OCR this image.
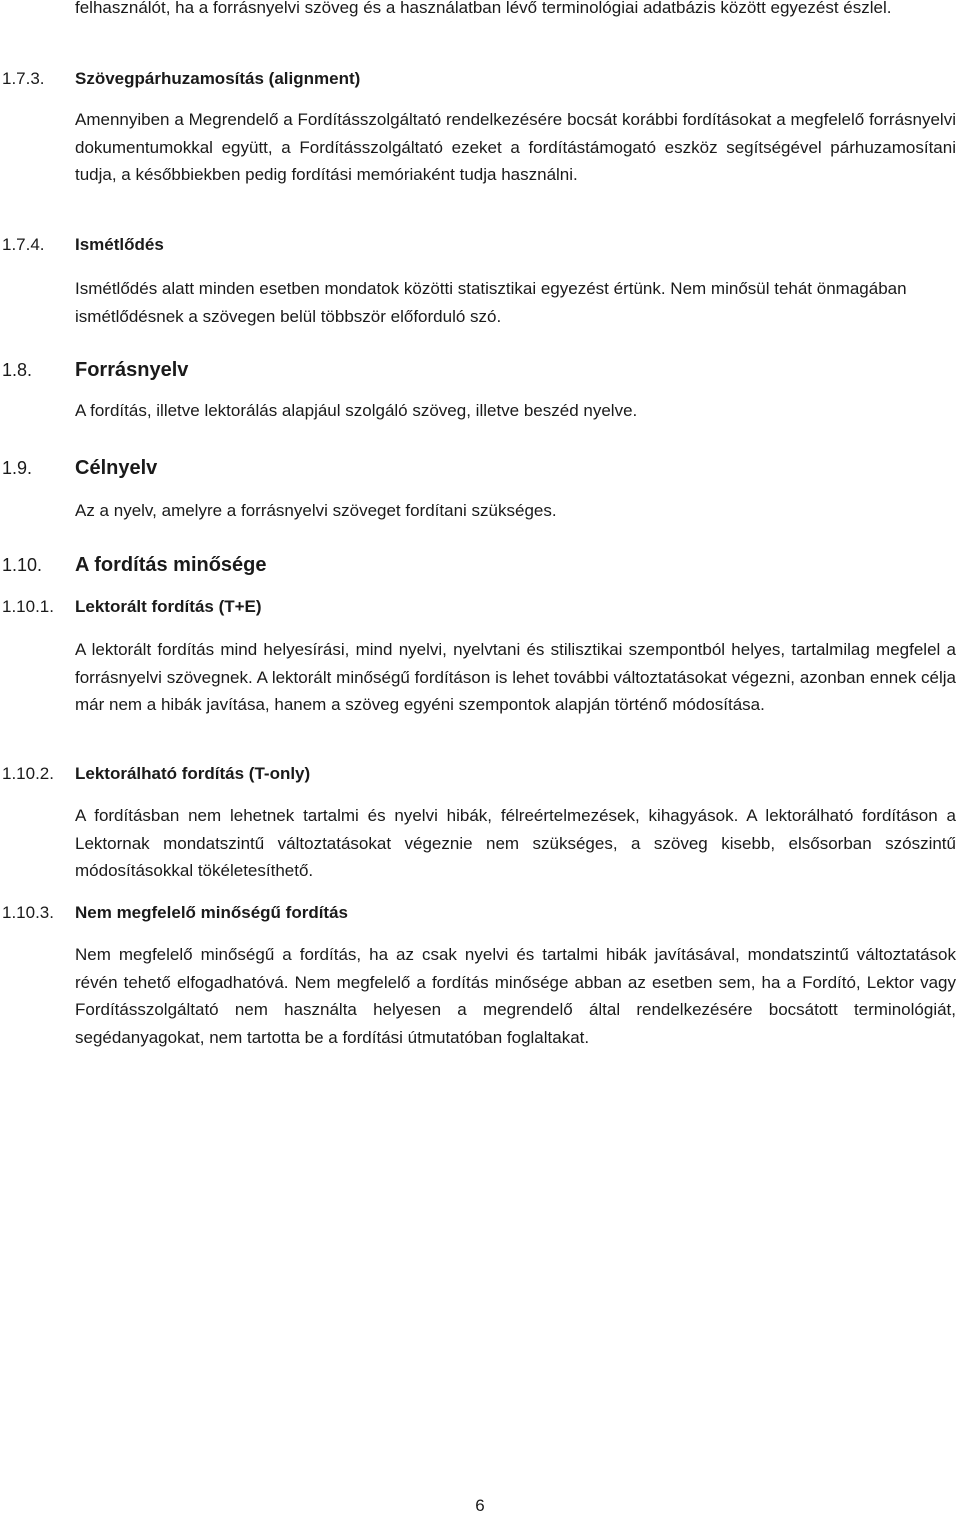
felhasználót, ha a forrásnyelvi szöveg és a használatban lévő terminológiai adatbázis között egyezést észlel.

1.7.3. Szövegpárhuzamosítás (alignment)

Amennyiben a Megrendelő a Fordításszolgáltató rendelkezésére bocsát korábbi fordításokat a megfelelő forrásnyelvi dokumentumokkal együtt, a Fordításszolgáltató ezeket a fordítástámogató eszköz segítségével párhuzamosítani tudja, a későbbiekben pedig fordítási memóriaként tudja használni.

1.7.4. Ismétlődés

Ismétlődés alatt minden esetben mondatok közötti statisztikai egyezést értünk. Nem minősül tehát önmagában ismétlődésnek a szövegen belül többször előforduló szó.

1.8. Forrásnyelv

A fordítás, illetve lektorálás alapjául szolgáló szöveg, illetve beszéd nyelve.

1.9. Célnyelv

Az a nyelv, amelyre a forrásnyelvi szöveget fordítani szükséges.

1.10. A fordítás minősége
1.10.1. Lektorált fordítás (T+E)

A lektorált fordítás mind helyesírási, mind nyelvi, nyelvtani és stilisztikai szempontból helyes, tartalmilag megfelel a forrásnyelvi szövegnek. A lektorált minőségű fordításon is lehet további változtatásokat végezni, azonban ennek célja már nem a hibák javítása, hanem a szöveg egyéni szempontok alapján történő módosítása.

1.10.2. Lektorálható fordítás (T-only)

A fordításban nem lehetnek tartalmi és nyelvi hibák, félreértelmezések, kihagyások. A lektorálható fordításon a Lektornak mondatszintű változtatásokat végeznie nem szükséges, a szöveg kisebb, elsősorban szószintű módosításokkal tökéletesíthető.

1.10.3. Nem megfelelő minőségű fordítás

Nem megfelelő minőségű a fordítás, ha az csak nyelvi és tartalmi hibák javításával, mondatszintű változtatások révén tehető elfogadhatóvá. Nem megfelelő a fordítás minősége abban az esetben sem, ha a Fordító, Lektor vagy Fordításszolgáltató nem használta helyesen a megrendelő által rendelkezésére bocsátott terminológiát, segédanyagokat, nem tartotta be a fordítási útmutatóban foglaltakat.

6
